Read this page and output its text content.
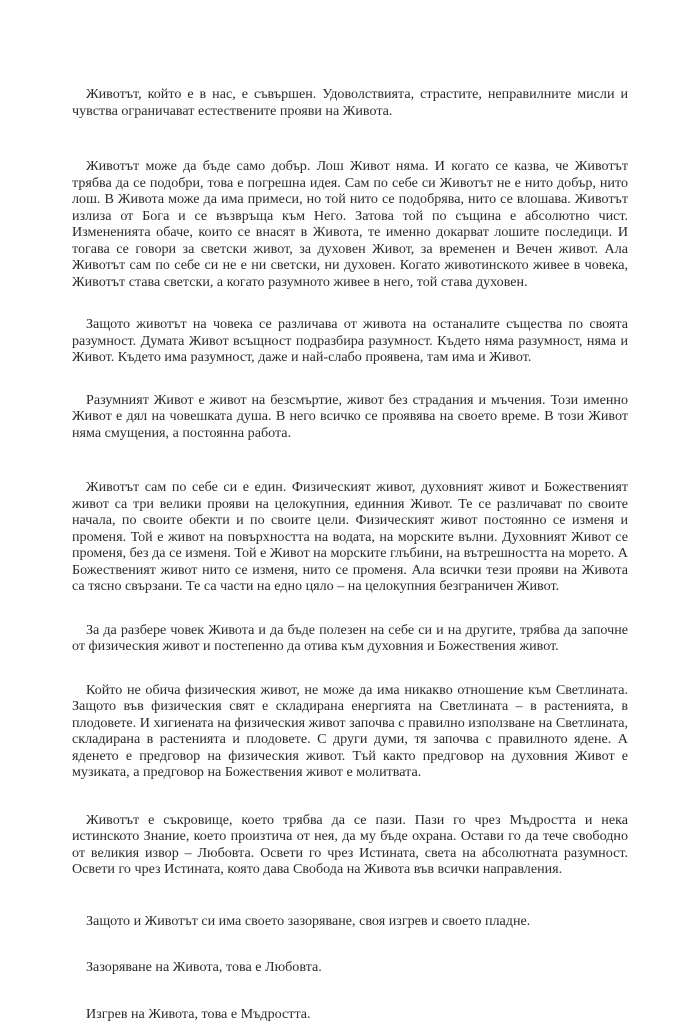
Животът, който е в нас, е съвършен. Удоволствията, страстите, неправилните мисли и чувства ограничават естествените прояви на Живота.

Животът може да бъде само добър. Лош Живот няма. И когато се казва, че Животът трябва да се подобри, това е погрешна идея. Сам по себе си Животът не е нито добър, нито лош. В Живота може да има примеси, но той нито се подобрява, нито се влошава. Животът излиза от Бога и се възвръща към Него. Затова той по същина е абсолютно чист. Измененията обаче, които се внасят в Живота, те именно докарват лошите последици. И тогава се говори за светски живот, за духовен Живот, за временен и Вечен живот. Ала Животът сам по себе си не е ни светски, ни духовен. Когато животинското живее в човека, Животът става светски, а когато разумното живее в него, той става духовен.

Защото животът на човека се различава от живота на останалите същества по своята разумност. Думата Живот всъщност подразбира разумност. Където няма разумност, няма и Живот. Където има разумност, даже и най-слабо проявена, там има и Живот.

Разумният Живот е живот на безсмъртие, живот без страдания и мъчения. Този именно Живот е дял на човешката душа. В него всичко се проявява на своето време. В този Живот няма смущения, а постоянна работа.

Животът сам по себе си е един. Физическият живот, духовният живот и Божественият живот са три велики прояви на целокупния, единния Живот. Те се различават по своите начала, по своите обекти и по своите цели. Физическият живот постоянно се изменя и променя. Той е живот на повърхността на водата, на морските вълни. Духовният Живот се променя, без да се изменя. Той е Живот на морските глъбини, на вътрешността на морето. А Божественият живот нито се изменя, нито се променя. Ала всички тези прояви на Живота са тясно свързани. Те са части на едно цяло – на целокупния безграничен Живот.

За да разбере човек Живота и да бъде полезен на себе си и на другите, трябва да започне от физическия живот и постепенно да отива към духовния и Божествения живот.

Който не обича физическия живот, не може да има никакво отношение към Светлината. Защото във физическия свят е складирана енергията на Светлината – в растенията, в плодовете. И хигиената на физическия живот започва с правилно използване на Светлината, складирана в растенията и плодовете. С други думи, тя започва с правилното ядене. А яденето е предговор на физическия живот. Тъй както предговор на духовния Живот е музиката, а предговор на Божествения живот е молитвата.

Животът е съкровище, което трябва да се пази. Пази го чрез Мъдростта и нека истинското Знание, което произтича от нея, да му бъде охрана. Остави го да тече свободно от великия извор – Любовта. Освети го чрез Истината, света на абсолютната разумност. Освети го чрез Истината, която дава Свобода на Живота във всички направления.

Защото и Животът си има своето зазоряване, своя изгрев и своето пладне.

Зазоряване на Живота, това е Любовта.

Изгрев на Живота, това е Мъдростта.
